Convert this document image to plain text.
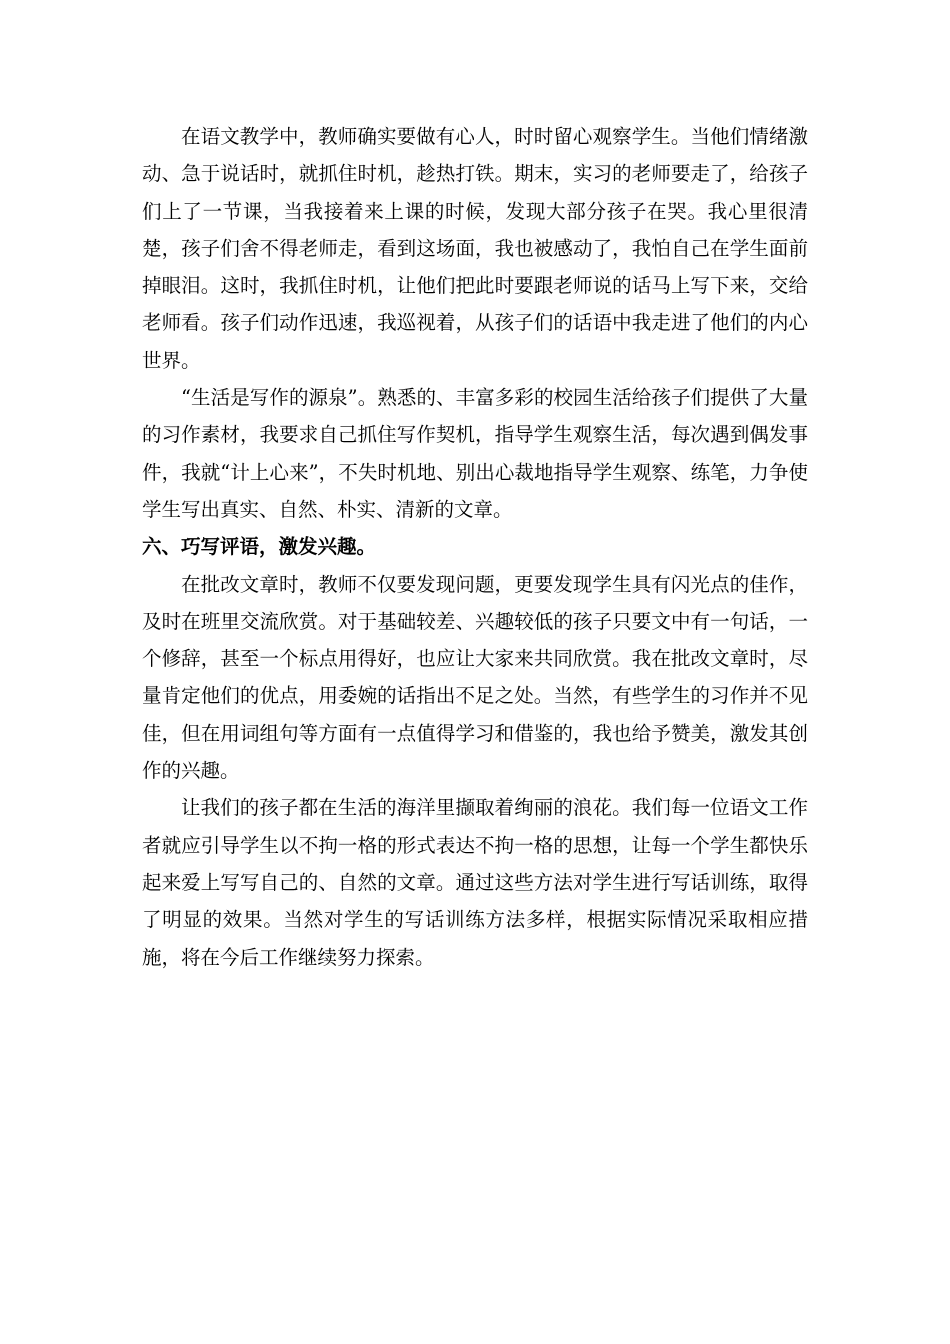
在语文教学中，教师确实要做有心人，时时留心观察学生。当他们情绪激动、急于说话时，就抓住时机，趁热打铁。期末，实习的老师要走了，给孩子们上了一节课，当我接着来上课的时候，发现大部分孩子在哭。我心里很清楚，孩子们舍不得老师走，看到这场面，我也被感动了，我怕自己在学生面前掉眼泪。这时，我抓住时机，让他们把此时要跟老师说的话马上写下来，交给老师看。孩子们动作迅速，我巡视着，从孩子们的话语中我走进了他们的内心世界。

“生活是写作的源泉”。熟悉的、丰富多彩的校园生活给孩子们提供了大量的习作素材，我要求自己抓住写作契机，指导学生观察生活，每次遇到偶发事件，我就“计上心来”，不失时机地、别出心裁地指导学生观察、练笔，力争使学生写出真实、自然、朴实、清新的文章。

六、巧写评语，激发兴趣。

在批改文章时，教师不仅要发现问题，更要发现学生具有闪光点的佳作，及时在班里交流欣赏。对于基础较差、兴趣较低的孩子只要文中有一句话，一个修辞，甚至一个标点用得好，也应让大家来共同欣赏。我在批改文章时，尽量肯定他们的优点，用委婉的话指出不足之处。当然，有些学生的习作并不见佳，但在用词组句等方面有一点值得学习和借鉴的，我也给予赞美，激发其创作的兴趣。

让我们的孩子都在生活的海洋里撷取着绚丽的浪花。我们每一位语文工作者就应引导学生以不拘一格的形式表达不拘一格的思想，让每一个学生都快乐起来爱上写写自己的、自然的文章。通过这些方法对学生进行写话训练，取得了明显的效果。当然对学生的写话训练方法多样，根据实际情况采取相应措施，将在今后工作继续努力探索。
